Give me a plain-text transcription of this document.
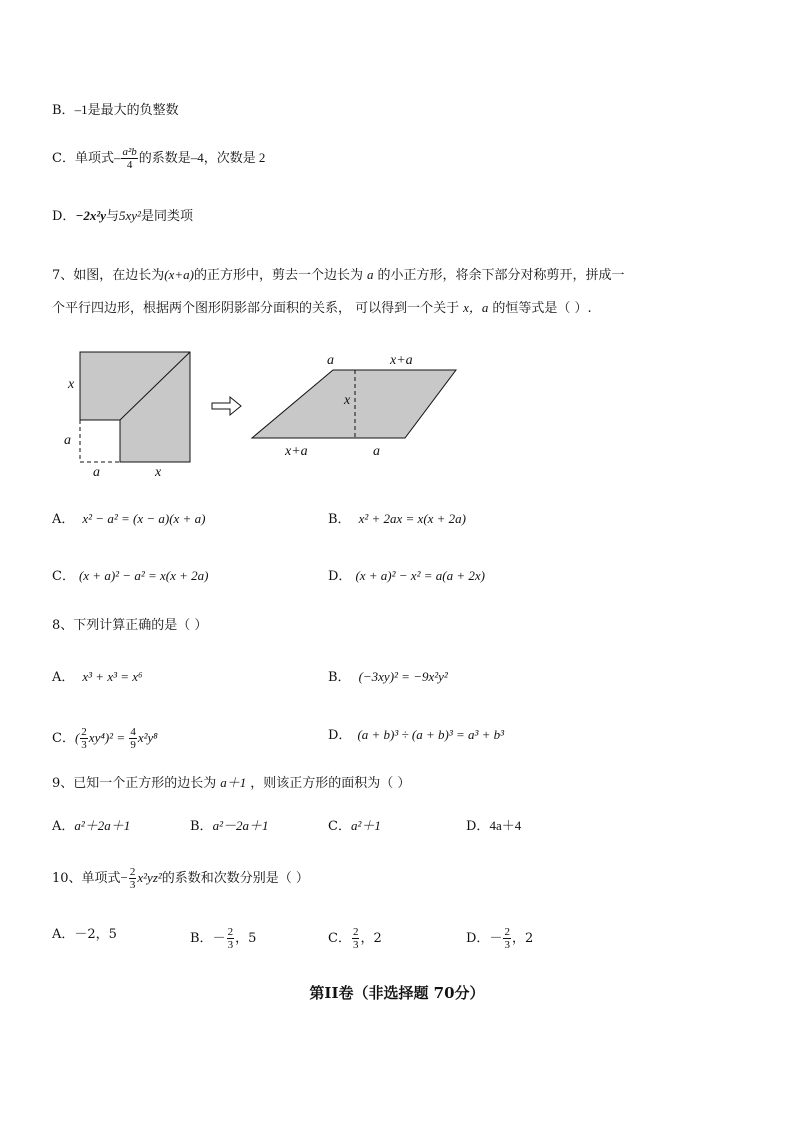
B．–1是最大的负整数
C．单项式– $\frac{\text{a²b}}{4}$ 的系数是–4，次数是 2
D．−2x²y与5xy²是同类项
7、如图，在边长为(x+a)的正方形中，剪去一个边长为 a 的小正方形，将余下部分对称剪开，拼成一
个平行四边形，根据两个图形阴影部分面积的关系， 可以得到一个关于 x，a 的恒等式是（ ）.
x
a
a	x
a	x+a
x
x+a	a
A． x² − a² = (x − a)(x + a)	B． x² + 2ax = x(x + 2a)
C． (x + a)² − a² = x(x + 2a)	D． (x + a)² − x² = a(a + 2x)
8、下列计算正确的是（ ）
A． x³ + x³ = x⁶	B． (−3xy)² = −9x²y²
C．( $\frac{2}{3} xy^4)^2 = \frac{4}{9} x^2y^8$	D． (a + b)³ ÷ (a + b)³ = a³ + b³
9、已知一个正方形的边长为 a＋1 ，则该正方形的面积为（ ）
A．a²＋2a＋1	B．a²－2a＋1	C．a²＋1	D．4a＋4
10、单项式− $\frac{2}{3} x^2yz^2$的系数和次数分别是（ ）
A．－2，5	B．－ $\frac{2}{3}$ ，5	C． $\frac{2}{3}$ ，2	D．－ $\frac{2}{3}$ ，2
第II卷（非选择题 70分）
